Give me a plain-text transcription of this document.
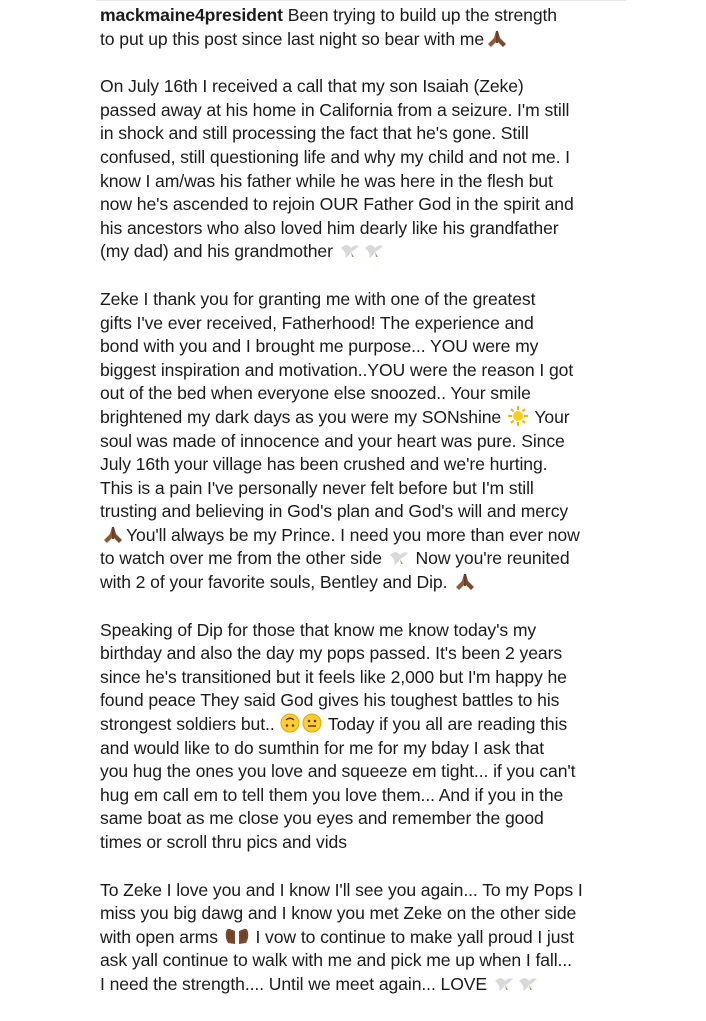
mackmaine4president Been trying to build up the strength
to put up this post since last night so bear with me

On July 16th I received a call that my son Isaiah (Zeke)
passed away at his home in California from a seizure. I'm still
in shock and still processing the fact that he's gone. Still
confused, still questioning life and why my child and not me. I
know I am/was his father while he was here in the flesh but
now he's ascended to rejoin OUR Father God in the spirit and
his ancestors who also loved him dearly like his grandfather
(my dad) and his grandmother

Zeke I thank you for granting me with one of the greatest
gifts I've ever received, Fatherhood! The experience and
bond with you and I brought me purpose... YOU were my
biggest inspiration and motivation..YOU were the reason I got
out of the bed when everyone else snoozed.. Your smile
brightened my dark days as you were my SONshine
Your
soul was made of innocence and your heart was pure. Since
July 16th your village has been crushed and we're hurting.
This is a pain I've personally never felt before but I'm still
trusting and believing in God's plan and God's will and mercy

You'll always be my Prince. I need you more than ever now
to watch over me from the other side
Now you're reunited
with 2 of your favorite souls, Bentley and Dip.

Speaking of Dip for those that know me know today's my
birthday and also the day my pops passed. It's been 2 years
since he's transitioned but it feels like 2,000 but I'm happy he
found peace They said God gives his toughest battles to his
strongest soldiers but..	Today if you all are reading this
and would like to do sumthin for me for my bday I ask that
you hug the ones you love and squeeze em tight... if you can't
hug em call em to tell them you love them... And if you in the
same boat as me close you eyes and remember the good
times or scroll thru pics and vids

To Zeke I love you and I know I'll see you again... To my Pops I
miss you big dawg and I know you met Zeke on the other side
with open arms
I vow to continue to make yall proud I just
ask yall continue to walk with me and pick me up when I fall...
I need the strength.... Until we meet again... LOVE
